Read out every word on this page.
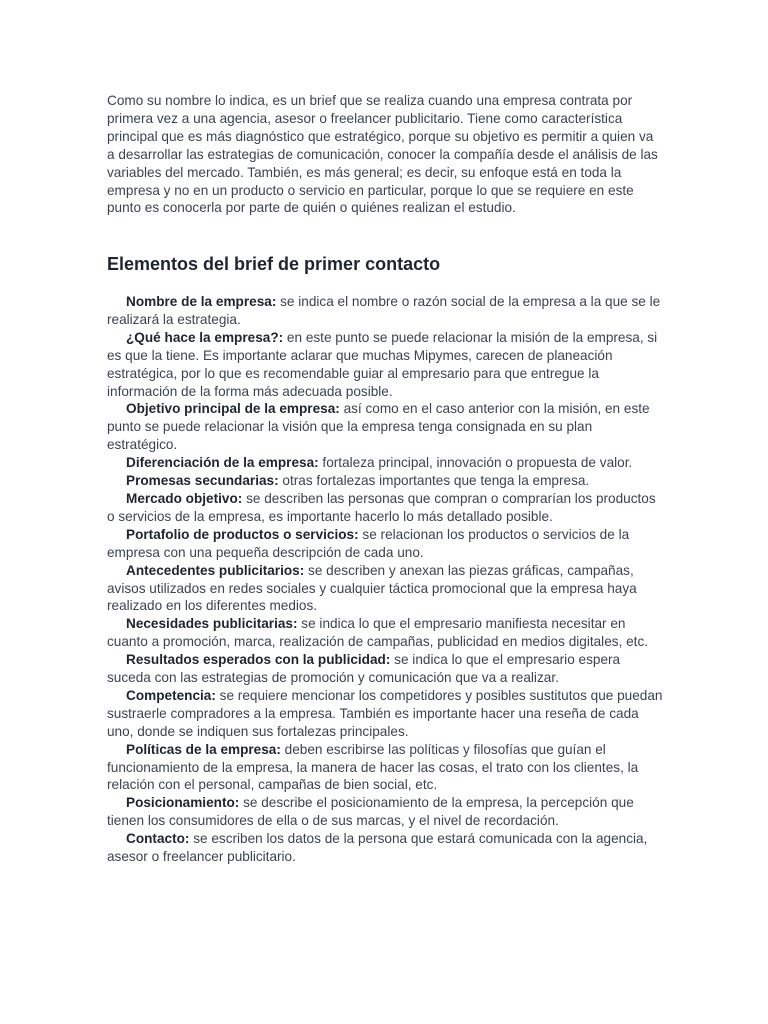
Como su nombre lo indica, es un brief que se realiza cuando una empresa contrata por primera vez a una agencia, asesor o freelancer publicitario. Tiene como característica principal que es más diagnóstico que estratégico, porque su objetivo es permitir a quien va a desarrollar las estrategias de comunicación, conocer la compañía desde el análisis de las variables del mercado. También, es más general; es decir, su enfoque está en toda la empresa y no en un producto o servicio en particular, porque lo que se requiere en este punto es conocerla por parte de quién o quiénes realizan el estudio.

Elementos del brief de primer contacto
Nombre de la empresa: se indica el nombre o razón social de la empresa a la que se le realizará la estrategia.
¿Qué hace la empresa?: en este punto se puede relacionar la misión de la empresa, si es que la tiene. Es importante aclarar que muchas Mipymes, carecen de planeación estratégica, por lo que es recomendable guiar al empresario para que entregue la información de la forma más adecuada posible.
Objetivo principal de la empresa: así como en el caso anterior con la misión, en este punto se puede relacionar la visión que la empresa tenga consignada en su plan estratégico.
Diferenciación de la empresa: fortaleza principal, innovación o propuesta de valor.
Promesas secundarias: otras fortalezas importantes que tenga la empresa.
Mercado objetivo: se describen las personas que compran o comprarían los productos o servicios de la empresa, es importante hacerlo lo más detallado posible.
Portafolio de productos o servicios: se relacionan los productos o servicios de la empresa con una pequeña descripción de cada uno.
Antecedentes publicitarios: se describen y anexan las piezas gráficas, campañas, avisos utilizados en redes sociales y cualquier táctica promocional que la empresa haya realizado en los diferentes medios.
Necesidades publicitarias: se indica lo que el empresario manifiesta necesitar en cuanto a promoción, marca, realización de campañas, publicidad en medios digitales, etc.
Resultados esperados con la publicidad: se indica lo que el empresario espera suceda con las estrategias de promoción y comunicación que va a realizar.
Competencia: se requiere mencionar los competidores y posibles sustitutos que puedan sustraerle compradores a la empresa. También es importante hacer una reseña de cada uno, donde se indiquen sus fortalezas principales.
Políticas de la empresa: deben escribirse las políticas y filosofías que guían el funcionamiento de la empresa, la manera de hacer las cosas, el trato con los clientes, la relación con el personal, campañas de bien social, etc.
Posicionamiento: se describe el posicionamiento de la empresa, la percepción que tienen los consumidores de ella o de sus marcas, y el nivel de recordación.
Contacto: se escriben los datos de la persona que estará comunicada con la agencia, asesor o freelancer publicitario.
